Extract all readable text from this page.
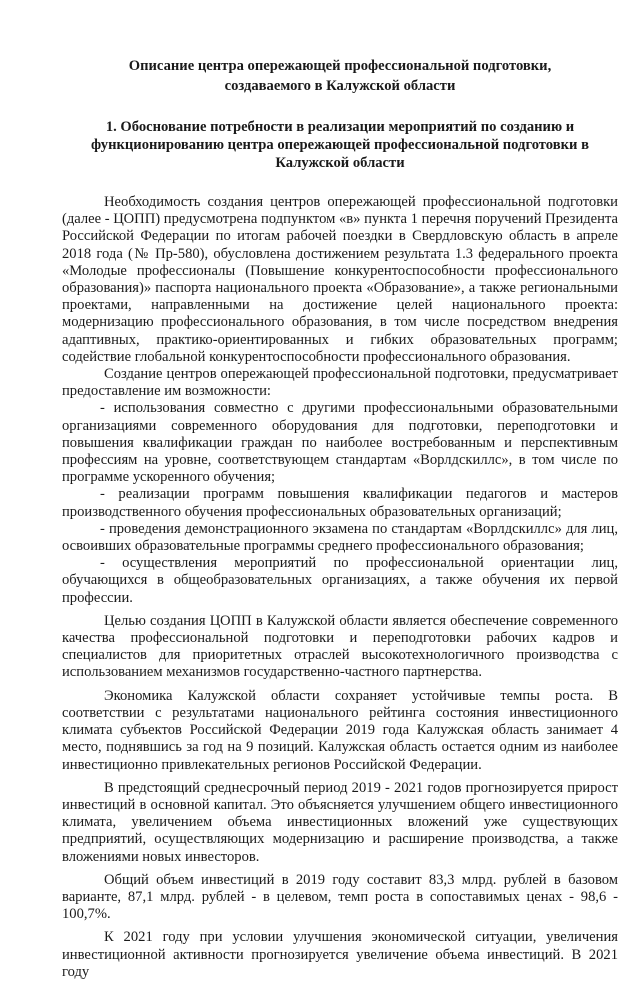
Описание центра опережающей профессиональной подготовки,
создаваемого в Калужской области
1. Обоснование потребности в реализации мероприятий по созданию и функционированию центра опережающей профессиональной подготовки в Калужской области

Необходимость создания центров опережающей профессиональной подготовки (далее - ЦОПП) предусмотрена подпунктом «в» пункта 1 перечня поручений Президента Российской Федерации по итогам рабочей поездки в Свердловскую область в апреле 2018 года (№ Пр-580), обусловлена достижением результата 1.3 федерального проекта «Молодые профессионалы (Повышение конкурентоспособности профессионального образования)» паспорта национального проекта «Образование», а также региональными проектами, направленными на достижение целей национального проекта: модернизацию профессионального образования, в том числе посредством внедрения адаптивных, практико-ориентированных и гибких образовательных программ; содействие глобальной конкурентоспособности профессионального образования.

Создание центров опережающей профессиональной подготовки, предусматривает предоставление им возможности:

- использования совместно с другими профессиональными образовательными организациями современного оборудования для подготовки, переподготовки и повышения квалификации граждан по наиболее востребованным и перспективным профессиям на уровне, соответствующем стандартам «Ворлдскиллс», в том числе по программе ускоренного обучения;

- реализации программ повышения квалификации педагогов и мастеров производственного обучения профессиональных образовательных организаций;

- проведения демонстрационного экзамена по стандартам «Ворлдскиллс» для лиц, освоивших образовательные программы среднего профессионального образования;

- осуществления мероприятий по профессиональной ориентации лиц, обучающихся в общеобразовательных организациях, а также обучения их первой профессии.

Целью создания ЦОПП в Калужской области является обеспечение современного качества профессиональной подготовки и переподготовки рабочих кадров и специалистов для приоритетных отраслей высокотехнологичного производства с использованием механизмов государственно-частного партнерства.

Экономика Калужской области сохраняет устойчивые темпы роста. В соответствии с результатами национального рейтинга состояния инвестиционного климата субъектов Российской Федерации 2019 года Калужская область занимает 4 место, поднявшись за год на 9 позиций. Калужская область остается одним из наиболее инвестиционно привлекательных регионов Российской Федерации.

В предстоящий среднесрочный период 2019 - 2021 годов прогнозируется прирост инвестиций в основной капитал. Это объясняется улучшением общего инвестиционного климата, увеличением объема инвестиционных вложений уже существующих предприятий, осуществляющих модернизацию и расширение производства, а также вложениями новых инвесторов.

Общий объем инвестиций в 2019 году составит 83,3 млрд. рублей в базовом варианте, 87,1 млрд. рублей - в целевом, темп роста в сопоставимых ценах - 98,6 - 100,7%.

К 2021 году при условии улучшения экономической ситуации, увеличения инвестиционной активности прогнозируется увеличение объема инвестиций. В 2021 году
